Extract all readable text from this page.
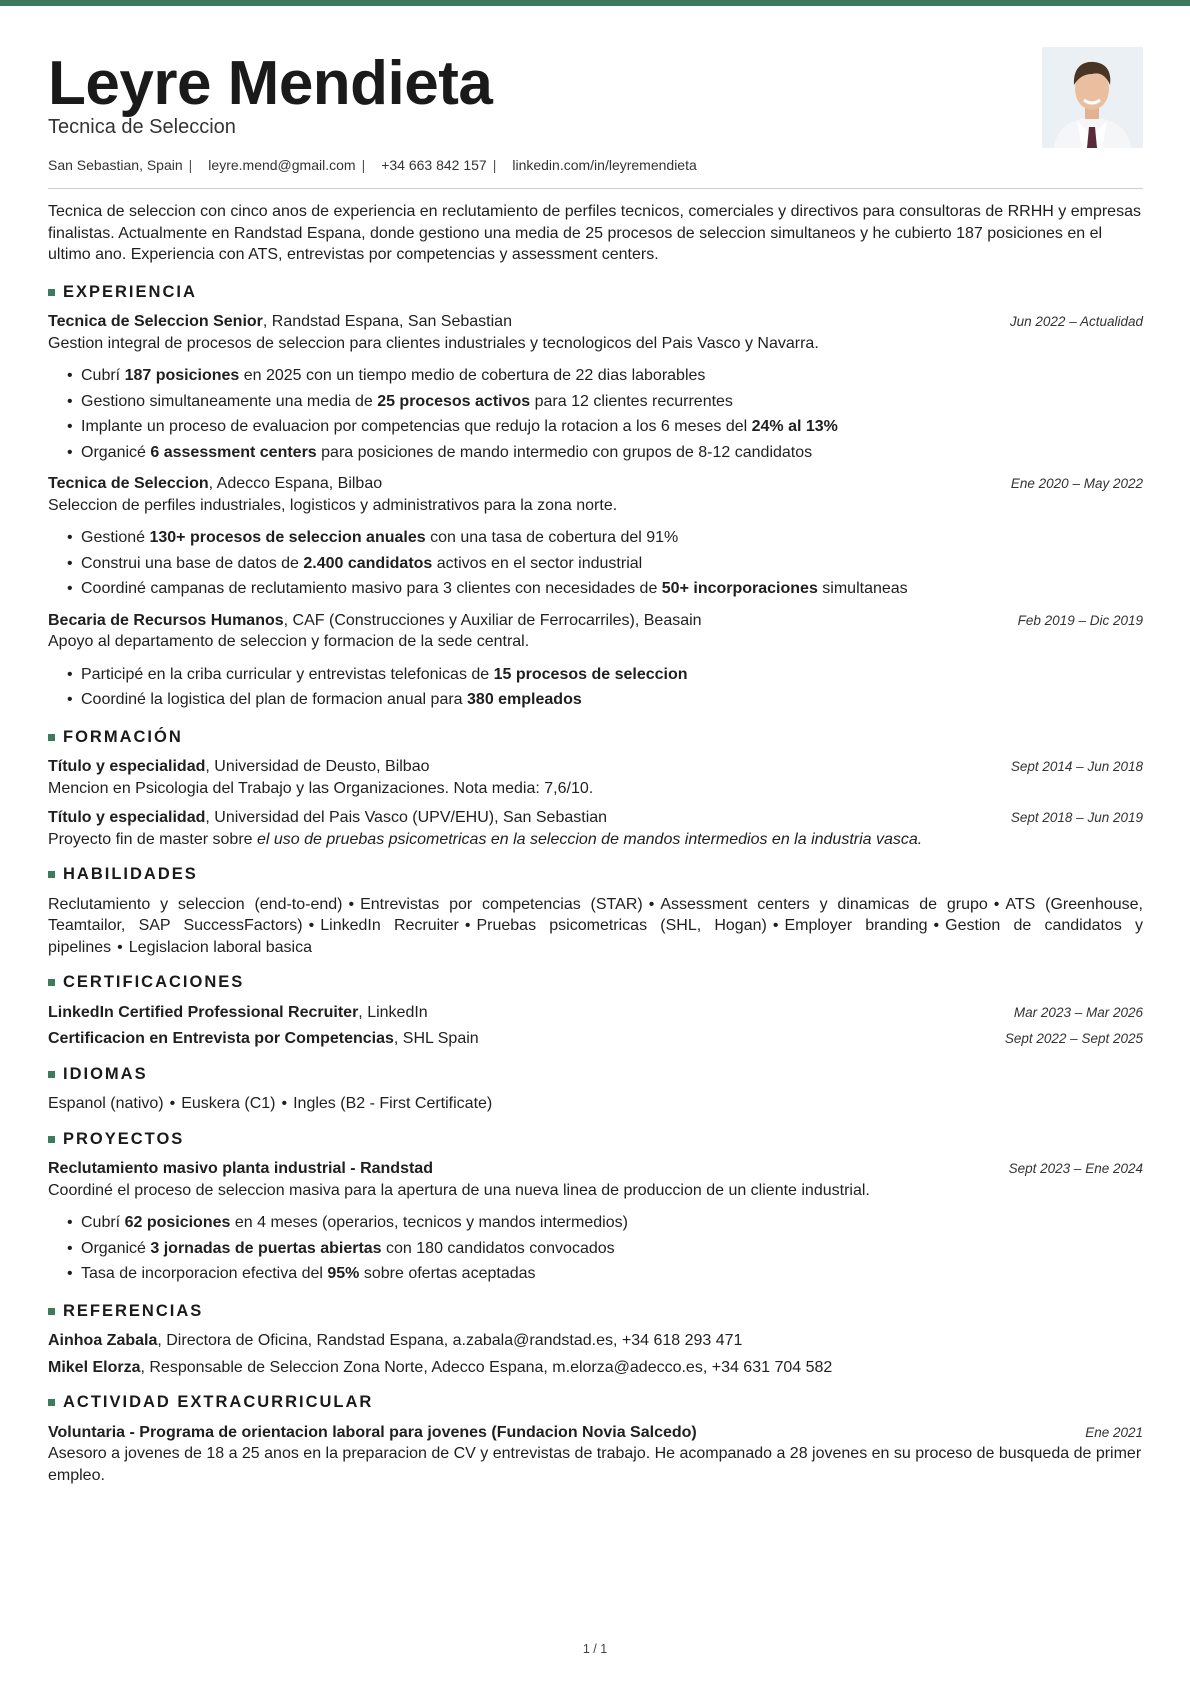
Leyre Mendieta
Tecnica de Seleccion
San Sebastian, Spain |	leyre.mend@gmail.com |	+34 663 842 157 |	linkedin.com/in/leyremendieta

Tecnica de seleccion con cinco anos de experiencia en reclutamiento de perfiles tecnicos, comerciales y directivos para consultoras de RRHH y empresas finalistas. Actualmente en Randstad Espana, donde gestiono una media de 25 procesos de seleccion simultaneos y he cubierto 187 posiciones en el ultimo ano. Experiencia con ATS, entrevistas por competencias y assessment centers.

EXPERIENCIA
Tecnica de Seleccion Senior, Randstad Espana, San Sebastian	Jun 2022 – Actualidad
Gestion integral de procesos de seleccion para clientes industriales y tecnologicos del Pais Vasco y Navarra.
• Cubrí 187 posiciones en 2025 con un tiempo medio de cobertura de 22 dias laborables
• Gestiono simultaneamente una media de 25 procesos activos para 12 clientes recurrentes
• Implante un proceso de evaluacion por competencias que redujo la rotacion a los 6 meses del 24% al 13%
• Organicé 6 assessment centers para posiciones de mando intermedio con grupos de 8-12 candidatos
Tecnica de Seleccion, Adecco Espana, Bilbao	Ene 2020 – May 2022
Seleccion de perfiles industriales, logisticos y administrativos para la zona norte.
• Gestioné 130+ procesos de seleccion anuales con una tasa de cobertura del 91%
• Construi una base de datos de 2.400 candidatos activos en el sector industrial
• Coordiné campanas de reclutamiento masivo para 3 clientes con necesidades de 50+ incorporaciones simultaneas
Becaria de Recursos Humanos, CAF (Construcciones y Auxiliar de Ferrocarriles), Beasain	Feb 2019 – Dic 2019
Apoyo al departamento de seleccion y formacion de la sede central.
• Participé en la criba curricular y entrevistas telefonicas de 15 procesos de seleccion
• Coordiné la logistica del plan de formacion anual para 380 empleados
FORMACIÓN
Título y especialidad, Universidad de Deusto, Bilbao	Sept 2014 – Jun 2018
Mencion en Psicologia del Trabajo y las Organizaciones. Nota media: 7,6/10.
Título y especialidad, Universidad del Pais Vasco (UPV/EHU), San Sebastian	Sept 2018 – Jun 2019
Proyecto fin de master sobre el uso de pruebas psicometricas en la seleccion de mandos intermedios en la industria vasca.
HABILIDADES
Reclutamiento y seleccion (end-to-end) • Entrevistas por competencias (STAR) • Assessment centers y dinamicas de grupo • ATS (Greenhouse, Teamtailor, SAP SuccessFactors) • LinkedIn Recruiter • Pruebas psicometricas (SHL, Hogan) • Employer branding • Gestion de candidatos y pipelines • Legislacion laboral basica
CERTIFICACIONES
LinkedIn Certified Professional Recruiter, LinkedIn	Mar 2023 – Mar 2026
Certificacion en Entrevista por Competencias, SHL Spain	Sept 2022 – Sept 2025
IDIOMAS
Espanol (nativo) • Euskera (C1) • Ingles (B2 - First Certificate)
PROYECTOS
Reclutamiento masivo planta industrial - Randstad	Sept 2023 – Ene 2024
Coordiné el proceso de seleccion masiva para la apertura de una nueva linea de produccion de un cliente industrial.
• Cubrí 62 posiciones en 4 meses (operarios, tecnicos y mandos intermedios)
• Organicé 3 jornadas de puertas abiertas con 180 candidatos convocados
• Tasa de incorporacion efectiva del 95% sobre ofertas aceptadas
REFERENCIAS
Ainhoa Zabala, Directora de Oficina, Randstad Espana, a.zabala@randstad.es, +34 618 293 471
Mikel Elorza, Responsable de Seleccion Zona Norte, Adecco Espana, m.elorza@adecco.es, +34 631 704 582
ACTIVIDAD EXTRACURRICULAR
Voluntaria - Programa de orientacion laboral para jovenes (Fundacion Novia Salcedo)	Ene 2021
Asesoro a jovenes de 18 a 25 anos en la preparacion de CV y entrevistas de trabajo. He acompanado a 28 jovenes en su proceso de busqueda de primer empleo.
1 / 1
